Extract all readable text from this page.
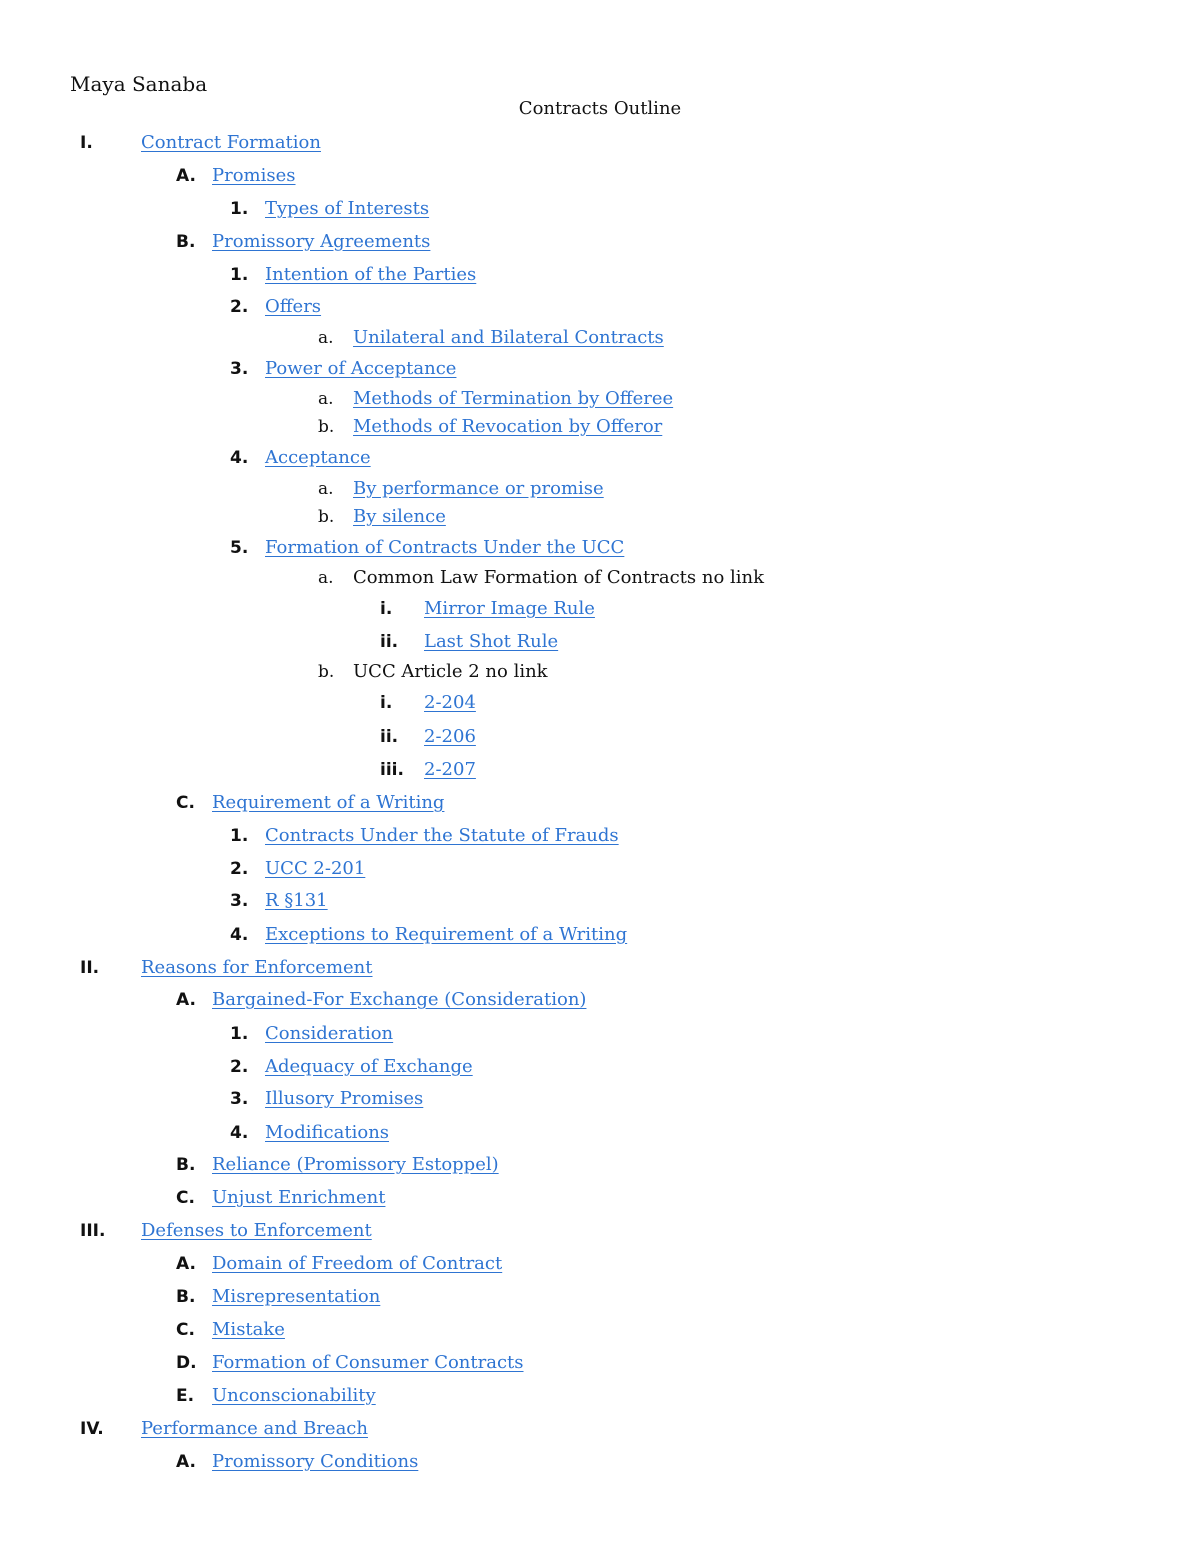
Maya Sanaba
Contracts Outline
I.	Contract Formation
A. Promises
1. Types of Interests
B. Promissory Agreements
1. Intention of the Parties
2. Offers
a. Unilateral and Bilateral Contracts
3. Power of Acceptance
a. Methods of Termination by Offeree
b. Methods of Revocation by Offeror
4. Acceptance
a. By performance or promise
b. By silence
5. Formation of Contracts Under the UCC
a. Common Law Formation of Contracts no link
i. Mirror Image Rule
ii. Last Shot Rule
b. UCC Article 2 no link
i. 2-204
ii. 2-206
iii. 2-207
C. Requirement of a Writing
1. Contracts Under the Statute of Frauds
2. UCC 2-201
3. R §131
4. Exceptions to Requirement of a Writing
II. Reasons for Enforcement
A. Bargained-For Exchange (Consideration)
1. Consideration
2. Adequacy of Exchange
3. Illusory Promises
4. Modifications
B. Reliance (Promissory Estoppel)
C. Unjust Enrichment
III. Defenses to Enforcement
A. Domain of Freedom of Contract
B. Misrepresentation
C. Mistake
D. Formation of Consumer Contracts
E. Unconscionability
IV. Performance and Breach
A. Promissory Conditions
